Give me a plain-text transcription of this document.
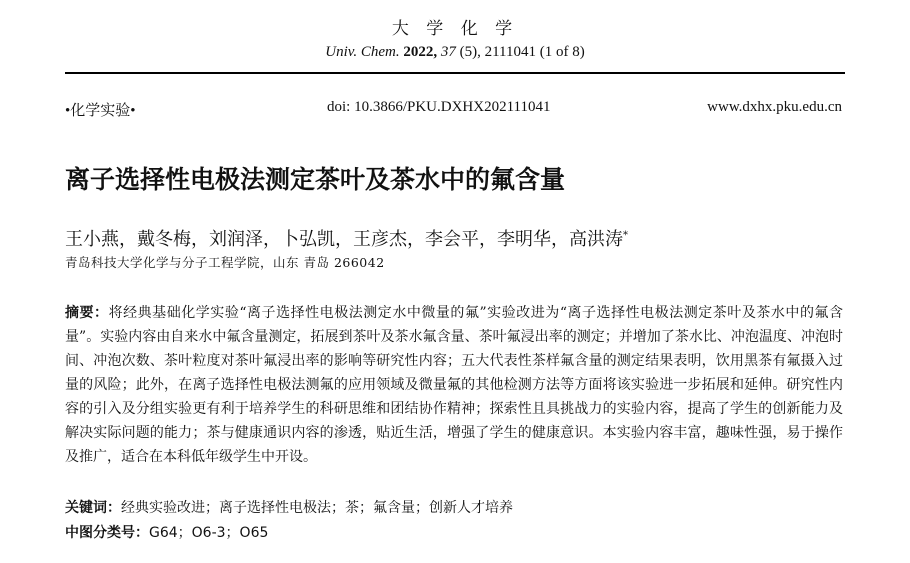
大 学 化 学
Univ. Chem. 2022, 37 (5), 2111041 (1 of 8)
•化学实验•	doi: 10.3866/PKU.DXHX202111041	www.dxhx.pku.edu.cn
离子选择性电极法测定茶叶及茶水中的氟含量
王小燕，戴冬梅，刘润泽，卜弘凯，王彦杰，李会平，李明华，高洪涛*
青岛科技大学化学与分子工程学院，山东 青岛 266042
摘要：将经典基础化学实验“离子选择性电极法测定水中微量的氟”实验改进为“离子选择性电极法测定茶叶及茶水中的氟含量”。实验内容由自来水中氟含量测定，拓展到茶叶及茶水氟含量、茶叶氟浸出率的测定；并增加了茶水比、冲泡温度、冲泡时间、冲泡次数、茶叶粒度对茶叶氟浸出率的影响等研究性内容；五大代表性茶样氟含量的测定结果表明，饮用黑茶有氟摄入过量的风险；此外，在离子选择性电极法测氟的应用领域及微量氟的其他检测方法等方面将该实验进一步拓展和延伸。研究性内容的引入及分组实验更有利于培养学生的科研思维和团结协作精神；探索性且具挑战力的实验内容，提高了学生的创新能力及解决实际问题的能力；茶与健康通识内容的渗透，贴近生活，增强了学生的健康意识。本实验内容丰富，趣味性强，易于操作及推广，适合在本科低年级学生中开设。
关键词：经典实验改进；离子选择性电极法；茶；氟含量；创新人才培养
中图分类号：G64；O6-3；O65
